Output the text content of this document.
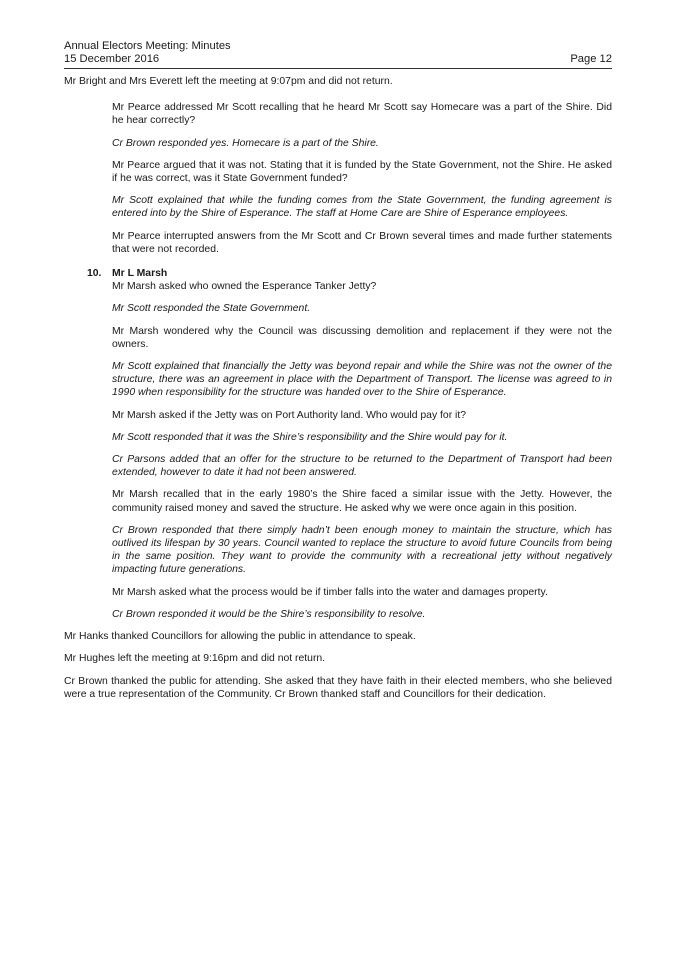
Annual Electors Meeting: Minutes
15 December 2016	Page 12

Mr Bright and Mrs Everett left the meeting at 9:07pm and did not return.

Mr Pearce addressed Mr Scott recalling that he heard Mr Scott say Homecare was a part of the Shire. Did he hear correctly?

Cr Brown responded yes. Homecare is a part of the Shire.

Mr Pearce argued that it was not. Stating that it is funded by the State Government, not the Shire. He asked if he was correct, was it State Government funded?

Mr Scott explained that while the funding comes from the State Government, the funding agreement is entered into by the Shire of Esperance. The staff at Home Care are Shire of Esperance employees.

Mr Pearce interrupted answers from the Mr Scott and Cr Brown several times and made further statements that were not recorded.

10. Mr L Marsh

Mr Marsh asked who owned the Esperance Tanker Jetty?

Mr Scott responded the State Government.

Mr Marsh wondered why the Council was discussing demolition and replacement if they were not the owners.

Mr Scott explained that financially the Jetty was beyond repair and while the Shire was not the owner of the structure, there was an agreement in place with the Department of Transport. The license was agreed to in 1990 when responsibility for the structure was handed over to the Shire of Esperance.

Mr Marsh asked if the Jetty was on Port Authority land. Who would pay for it?

Mr Scott responded that it was the Shire’s responsibility and the Shire would pay for it.

Cr Parsons added that an offer for the structure to be returned to the Department of Transport had been extended, however to date it had not been answered.

Mr Marsh recalled that in the early 1980’s the Shire faced a similar issue with the Jetty. However, the community raised money and saved the structure. He asked why we were once again in this position.

Cr Brown responded that there simply hadn’t been enough money to maintain the structure, which has outlived its lifespan by 30 years. Council wanted to replace the structure to avoid future Councils from being in the same position. They want to provide the community with a recreational jetty without negatively impacting future generations.

Mr Marsh asked what the process would be if timber falls into the water and damages property.

Cr Brown responded it would be the Shire’s responsibility to resolve.

Mr Hanks thanked Councillors for allowing the public in attendance to speak.

Mr Hughes left the meeting at 9:16pm and did not return.

Cr Brown thanked the public for attending. She asked that they have faith in their elected members, who she believed were a true representation of the Community. Cr Brown thanked staff and Councillors for their dedication.
